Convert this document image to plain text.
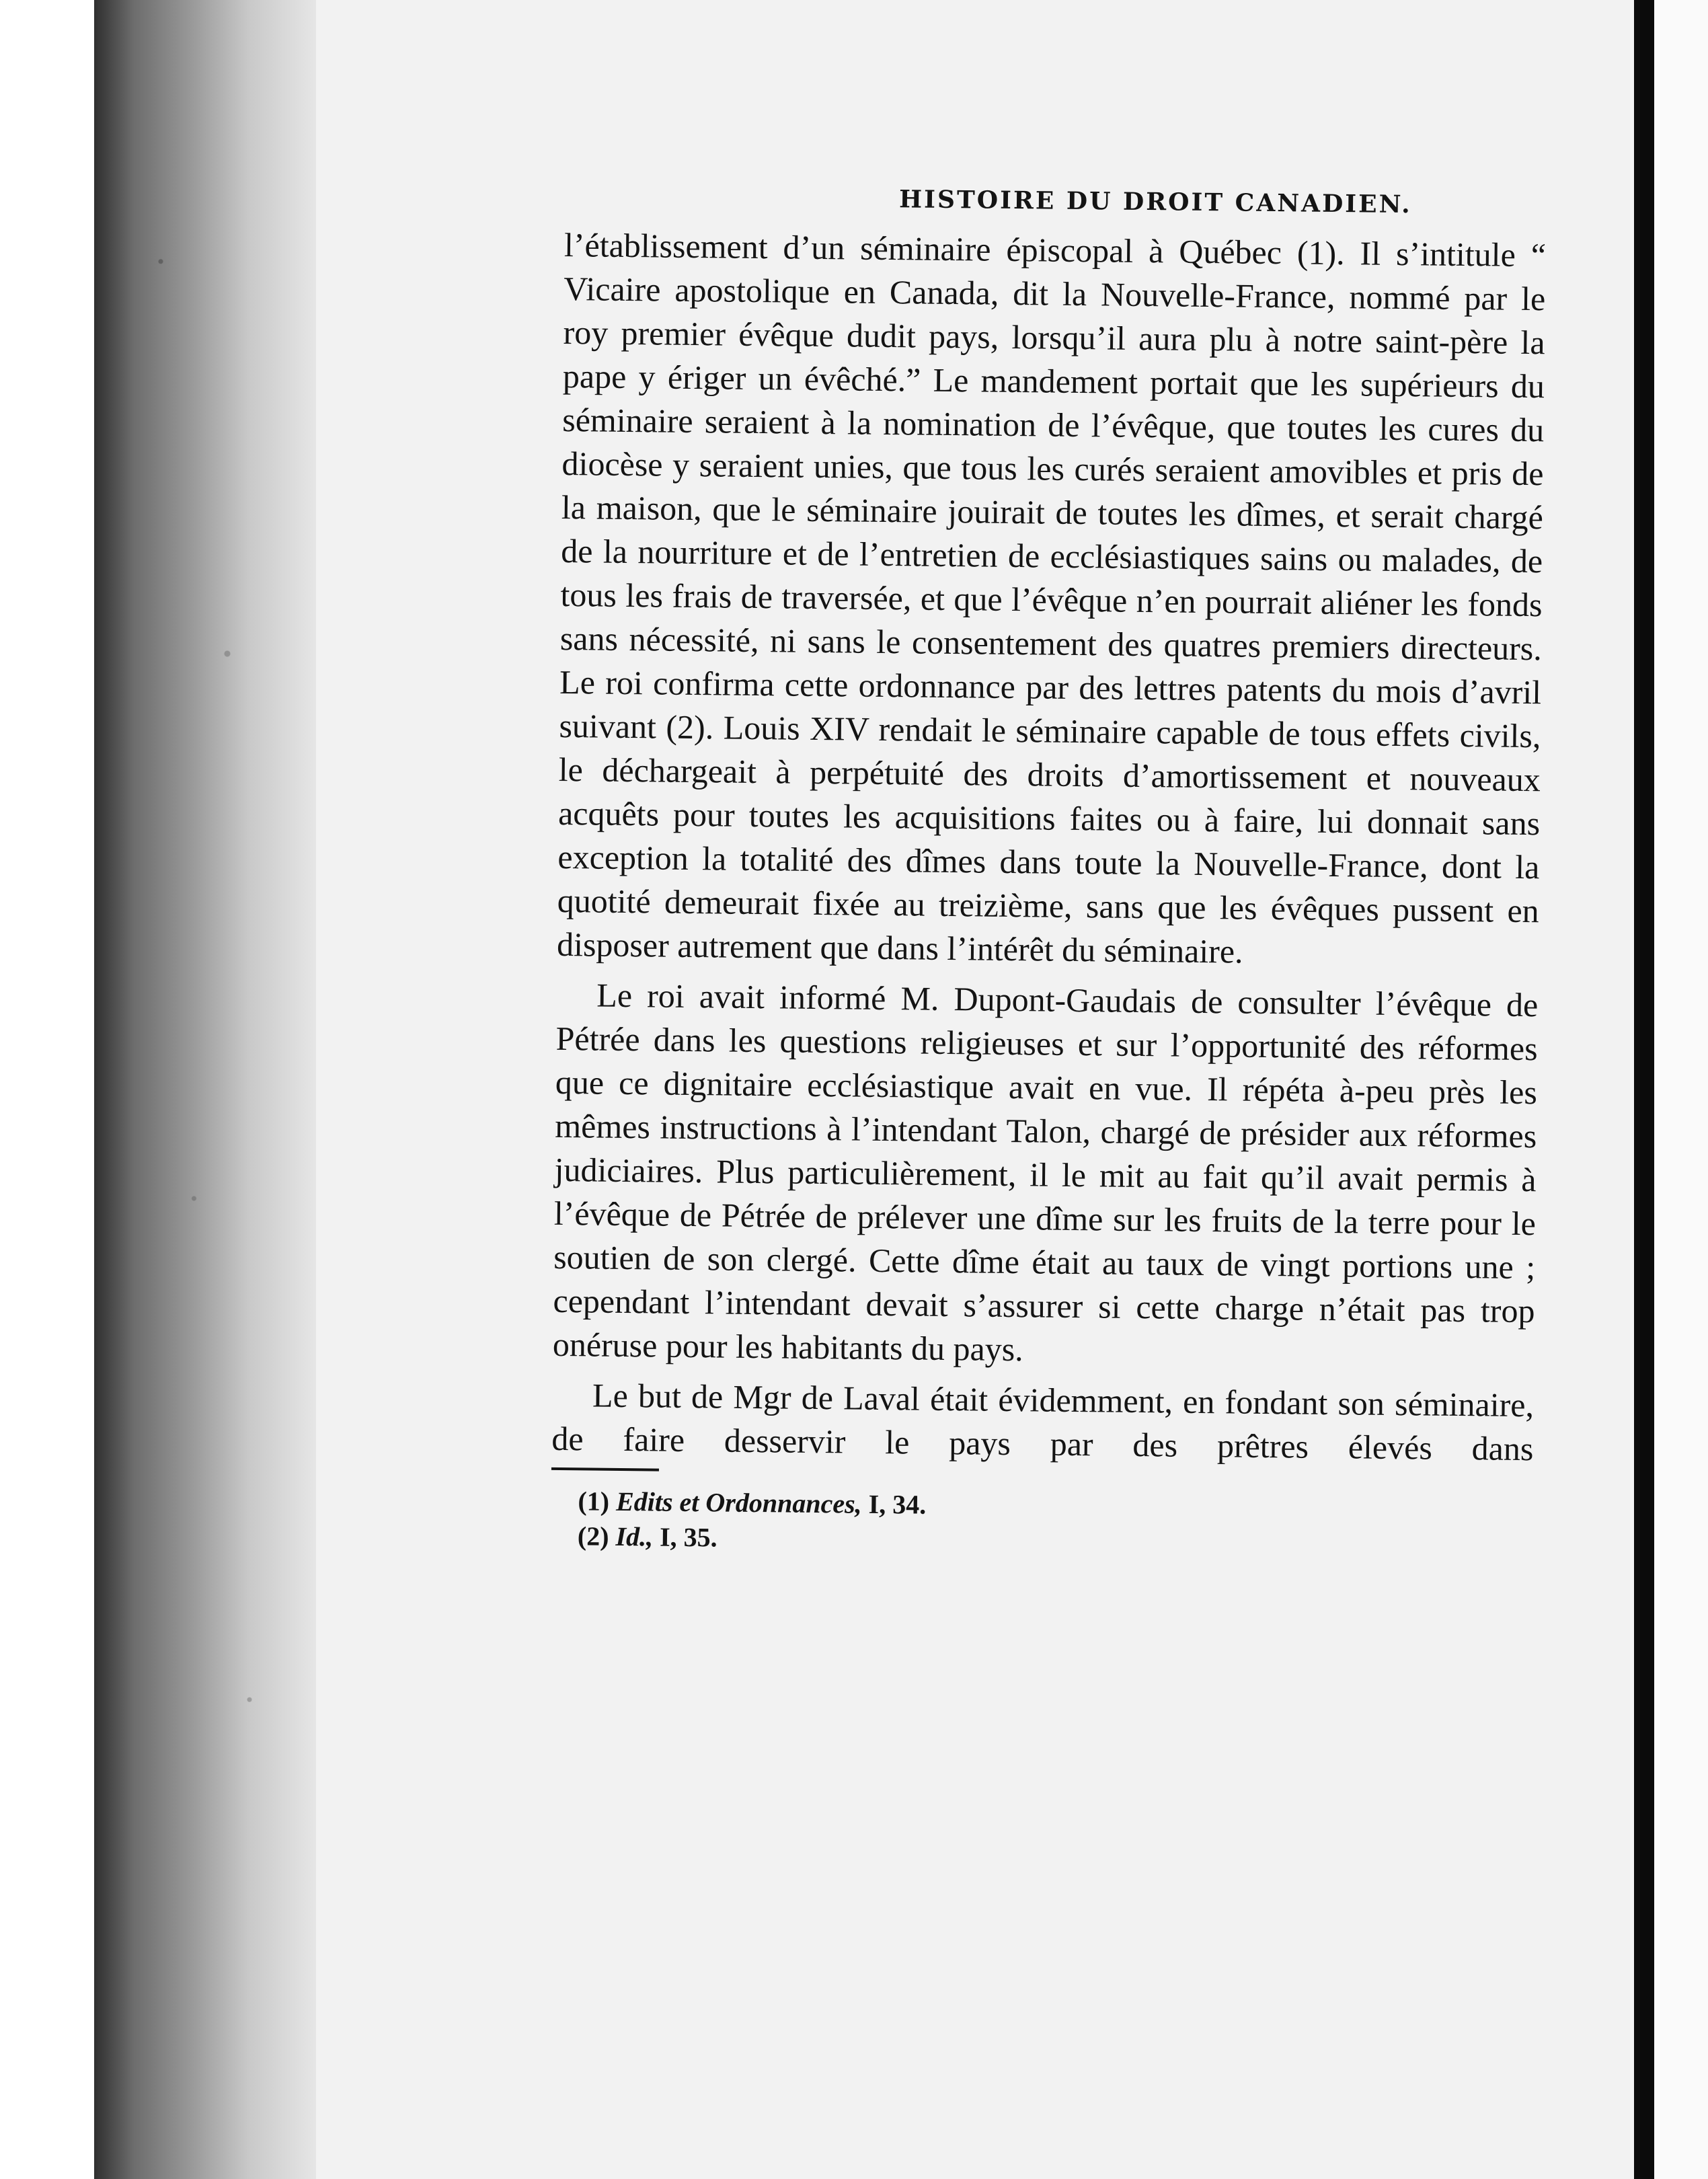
HISTOIRE DU DROIT CANADIEN.

l’établissement d’un séminaire épiscopal à Québec (1). Il s’intitule “ Vicaire apostolique en Canada, dit la Nouvelle-France, nommé par le roy premier évêque dudit pays, lorsqu’il aura plu à notre saint-père la pape y ériger un évêché.” Le mandement portait que les supérieurs du séminaire seraient à la nomination de l’évêque, que toutes les cures du diocèse y seraient unies, que tous les curés seraient amovibles et pris de la maison, que le séminaire jouirait de toutes les dîmes, et serait chargé de la nourriture et de l’entretien de ecclésiastiques sains ou malades, de tous les frais de traversée, et que l’évêque n’en pourrait aliéner les fonds sans nécessité, ni sans le consentement des quatres premiers directeurs. Le roi confirma cette ordonnance par des lettres patents du mois d’avril suivant (2). Louis XIV rendait le séminaire capable de tous effets civils, le déchargeait à perpétuité des droits d’amortissement et nouveaux acquêts pour toutes les acquisitions faites ou à faire, lui donnait sans exception la totalité des dîmes dans toute la Nouvelle-France, dont la quotité demeurait fixée au treizième, sans que les évêques pussent en disposer autrement que dans l’intérêt du séminaire.

Le roi avait informé M. Dupont-Gaudais de consulter l’évêque de Pétrée dans les questions religieuses et sur l’opportunité des réformes que ce dignitaire ecclésiastique avait en vue. Il répéta à-peu près les mêmes instructions à l’intendant Talon, chargé de présider aux réformes judiciaires. Plus particulièrement, il le mit au fait qu’il avait permis à l’évêque de Pétrée de prélever une dîme sur les fruits de la terre pour le soutien de son clergé. Cette dîme était au taux de vingt portions une ; cependant l’intendant devait s’assurer si cette charge n’était pas trop onéruse pour les habitants du pays.

Le but de Mgr de Laval était évidemment, en fondant son séminaire, de faire desservir le pays par des prêtres élevés dans

(1) Edits et Ordonnances, I, 34.

(2) Id., I, 35.
